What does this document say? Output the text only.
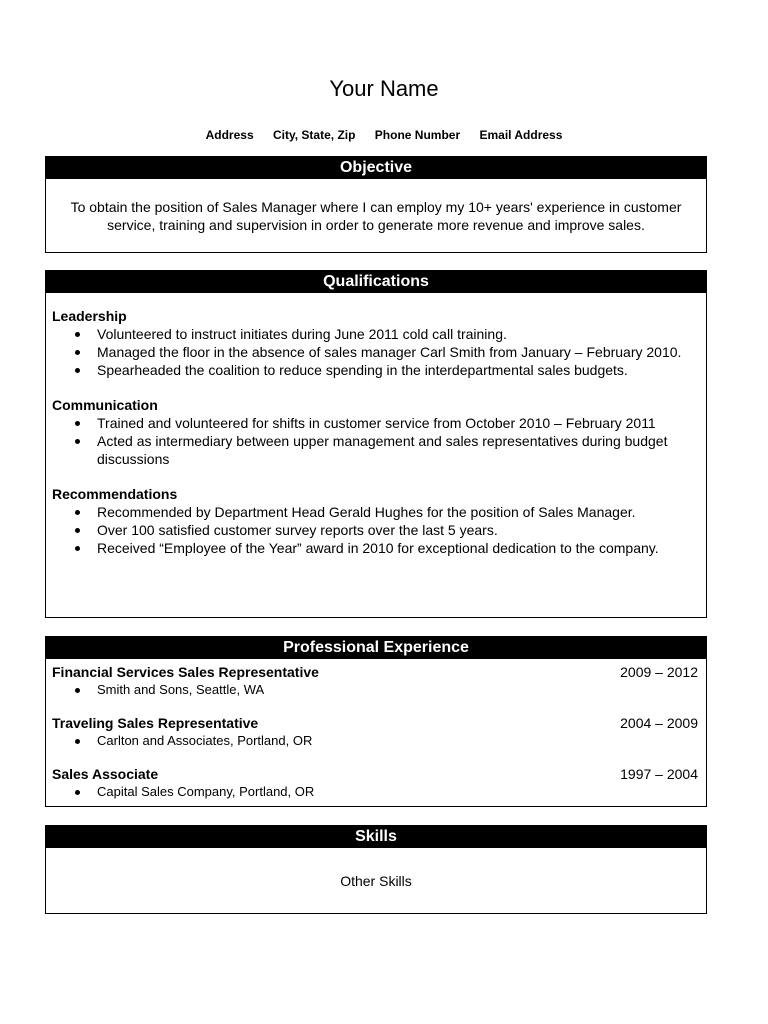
Your Name
Address City, State, Zip Phone Number Email Address
Objective
To obtain the position of Sales Manager where I can employ my 10+ years' experience in customer service, training and supervision in order to generate more revenue and improve sales.
Qualifications
Leadership
Volunteered to instruct initiates during June 2011 cold call training.
Managed the floor in the absence of sales manager Carl Smith from January – February 2010.
Spearheaded the coalition to reduce spending in the interdepartmental sales budgets.
Communication
Trained and volunteered for shifts in customer service from October 2010 – February 2011
Acted as intermediary between upper management and sales representatives during budget discussions
Recommendations
Recommended by Department Head Gerald Hughes for the position of Sales Manager.
Over 100 satisfied customer survey reports over the last 5 years.
Received “Employee of the Year” award in 2010 for exceptional dedication to the company.
Professional Experience
Financial Services Sales Representative	2009 – 2012
Smith and Sons, Seattle, WA
Traveling Sales Representative	2004 – 2009
Carlton and Associates, Portland, OR
Sales Associate	1997 – 2004
Capital Sales Company, Portland, OR
Skills
Other Skills
